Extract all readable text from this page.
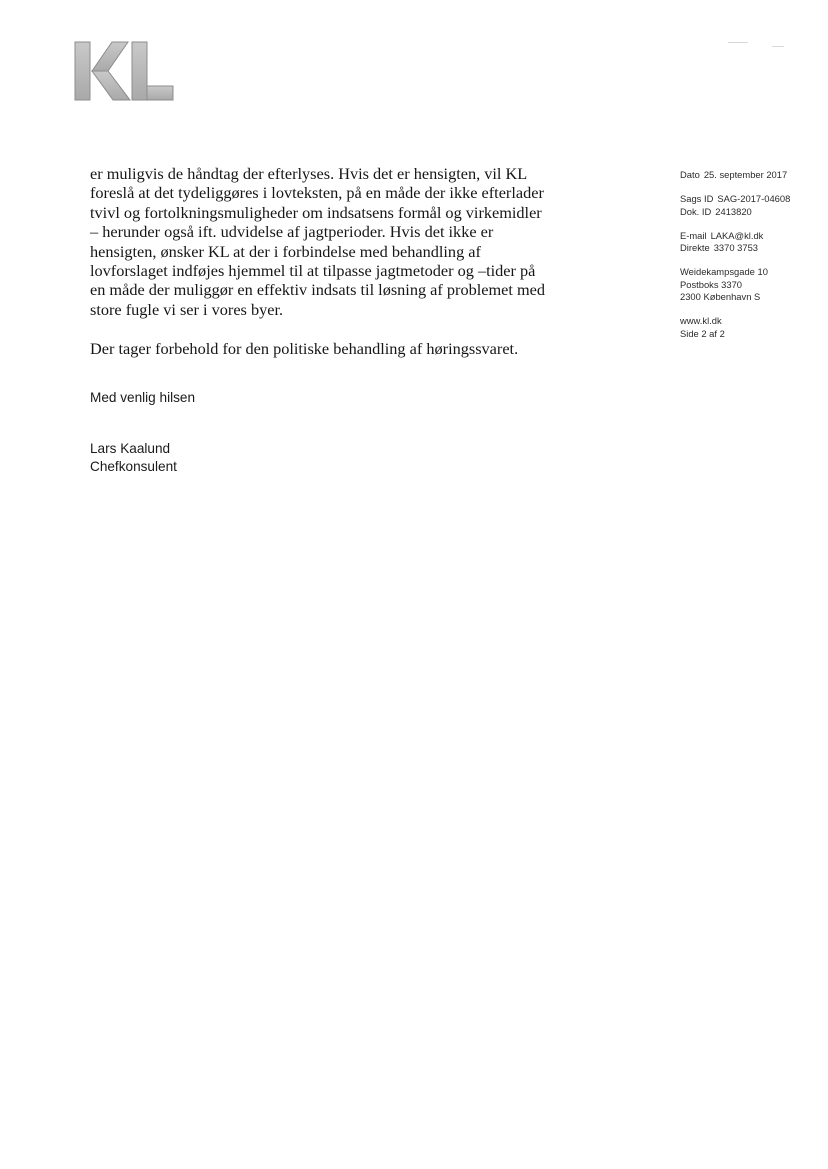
er muligvis de håndtag der efterlyses. Hvis det er hensigten, vil KL
foreslå at det tydeliggøres i lovteksten, på en måde der ikke efterlader
tvivl og fortolkningsmuligheder om indsatsens formål og virkemidler
– herunder også ift. udvidelse af jagtperioder. Hvis det ikke er
hensigten, ønsker KL at der i forbindelse med behandling af
lovforslaget indføjes hjemmel til at tilpasse jagtmetoder og –tider på
en måde der muliggør en effektiv indsats til løsning af problemet med
store fugle vi ser i vores byer.
Der tager forbehold for den politiske behandling af høringssvaret.
Med venlig hilsen
Lars Kaalund
Chefkonsulent
Dato 25. september 2017
Sags ID SAG-2017-04608
Dok. ID 2413820
E-mail LAKA@kl.dk
Direkte 3370 3753
Weidekampsgade 10
Postboks 3370
2300 København S
www.kl.dk
Side 2 af 2
